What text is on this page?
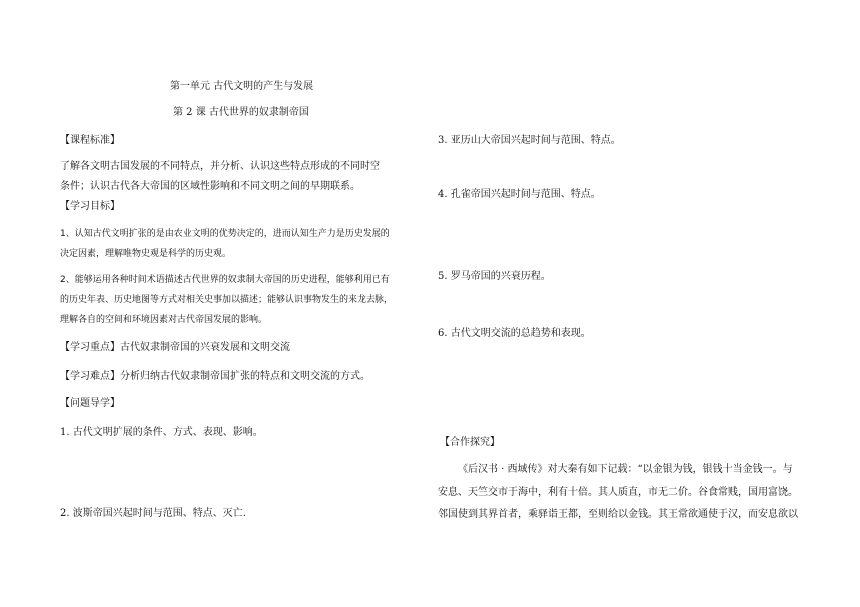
第一单元 古代文明的产生与发展
第 2 课 古代世界的奴隶制帝国
【课程标准】
了解各文明古国发展的不同特点，并分析、认识这些特点形成的不同时空
条件；认识古代各大帝国的区域性影响和不同文明之间的早期联系。
【学习目标】
1、认知古代文明扩张的是由农业文明的优势决定的，进而认知生产力是历史发展的
决定因素，理解唯物史观是科学的历史观。
2、能够运用各种时间术语描述古代世界的奴隶制大帝国的历史进程，能够利用已有
的历史年表、历史地图等方式对相关史事加以描述；能够认识事物发生的来龙去脉，
理解各自的空间和环境因素对古代帝国发展的影响。
【学习重点】古代奴隶制帝国的兴衰发展和文明交流
【学习难点】分析归纳古代奴隶制帝国扩张的特点和文明交流的方式。
【问题导学】
1. 古代文明扩展的条件、方式、表现、影响。
2. 波斯帝国兴起时间与范围、特点、灭亡.
3. 亚历山大帝国兴起时间与范围、特点。
4. 孔雀帝国兴起时间与范围、特点。
5. 罗马帝国的兴衰历程。
6. 古代文明交流的总趋势和表现。
【合作探究】
《后汉书 · 西域传》对大秦有如下记载：“以金银为钱，银钱十当金钱一。与
安息、天竺交市于海中，利有十倍。其人质直，市无二价。谷食常贱，国用富饶。
邻国使到其界首者，乘驿诣王都，至则给以金钱。其王常欲通使于汉，而安息欲以
